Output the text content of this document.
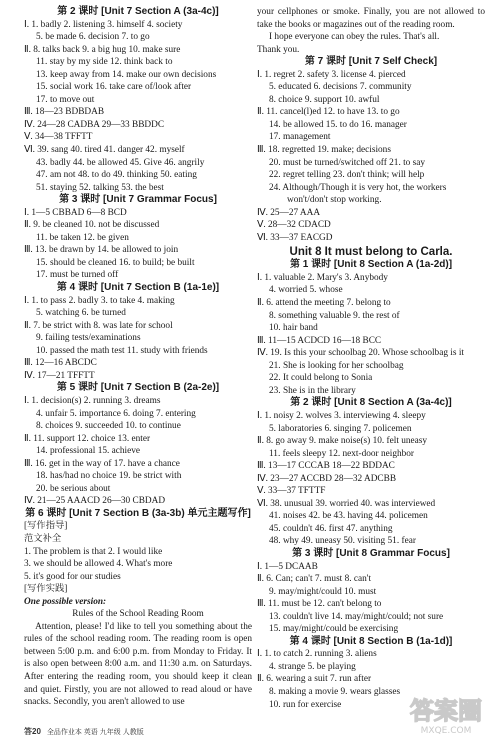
第 2 课时 [Unit 7 Section A (3a-4c)]
Ⅰ. 1. badly 2. listening 3. himself 4. society
5. be made 6. decision 7. to go
Ⅱ. 8. talks back 9. a big hug 10. make sure
11. stay by my side 12. think back to
13. keep away from 14. make our own decisions
15. social work 16. take care of/look after
17. to move out
Ⅲ. 18—23 BDBDAB
Ⅳ. 24—28 CADBA 29—33 BBDDC
Ⅴ. 34—38 TFFTT
Ⅵ. 39. sang 40. tired 41. danger 42. myself
43. badly 44. be allowed 45. Give 46. angrily
47. am not 48. to do 49. thinking 50. eating
51. staying 52. talking 53. the best
第 3 课时 [Unit 7 Grammar Focus]
Ⅰ. 1—5 CBBAD 6—8 BCD
Ⅱ. 9. be cleaned 10. not be discussed
11. be taken 12. be given
Ⅲ. 13. be drawn by 14. be allowed to join
15. should be cleaned 16. to build; be built
17. must be turned off
第 4 课时 [Unit 7 Section B (1a-1e)]
Ⅰ. 1. to pass 2. badly 3. to take 4. making
5. watching 6. be turned
Ⅱ. 7. be strict with 8. was late for school
9. failing tests/examinations
10. passed the math test 11. study with friends
Ⅲ. 12—16 ABCDC
Ⅳ. 17—21 TFFTT
第 5 课时 [Unit 7 Section B (2a-2e)]
Ⅰ. 1. decision(s) 2. running 3. dreams
4. unfair 5. importance 6. doing 7. entering
8. choices 9. succeeded 10. to continue
Ⅱ. 11. support 12. choice 13. enter
14. professional 15. achieve
Ⅲ. 16. get in the way of 17. have a chance
18. has/had no choice 19. be strict with
20. be serious about
Ⅳ. 21—25 AAACD 26—30 CBDAD
第 6 课时 [Unit 7 Section B (3a-3b) 单元主题写作]
[写作指导]
范文补全
1. The problem is that 2. I would like
3. we should be allowed 4. What's more
5. it's good for our studies
[写作实践]
One possible version:
Rules of the School Reading Room
Attention, please! I'd like to tell you something about the rules of the school reading room. The reading room is open between 5:00 p.m. and 6:00 p.m. from Monday to Friday. It is also open between 8:00 a.m. and 11:30 a.m. on Saturdays. After entering the reading room, you should keep it clean and quiet. Firstly, you are not allowed to read aloud or have snacks. Secondly, you aren't allowed to use
your cellphones or smoke. Finally, you are not allowed to take the books or magazines out of the reading room.
I hope everyone can obey the rules. That's all.
Thank you.
第 7 课时 [Unit 7 Self Check]
Ⅰ. 1. regret 2. safety 3. license 4. pierced
5. educated 6. decisions 7. community
8. choice 9. support 10. awful
Ⅱ. 11. cancel(l)ed 12. to have 13. to go
14. be allowed 15. to do 16. manager
17. management
Ⅲ. 18. regretted 19. make; decisions
20. must be turned/switched off 21. to say
22. regret telling 23. don't think; will help
24. Although/Though it is very hot, the workers
won't/don't stop working.
Ⅳ. 25—27 AAA
Ⅴ. 28—32 CDACD
Ⅵ. 33—37 EACGD
Unit 8 It must belong to Carla.
第 1 课时 [Unit 8 Section A (1a-2d)]
Ⅰ. 1. valuable 2. Mary's 3. Anybody
4. worried 5. whose
Ⅱ. 6. attend the meeting 7. belong to
8. something valuable 9. the rest of
10. hair band
Ⅲ. 11—15 ACDCD 16—18 BCC
Ⅳ. 19. Is this your schoolbag 20. Whose schoolbag is it
21. She is looking for her schoolbag
22. It could belong to Sonia
23. She is in the library
第 2 课时 [Unit 8 Section A (3a-4c)]
Ⅰ. 1. noisy 2. wolves 3. interviewing 4. sleepy
5. laboratories 6. singing 7. policemen
Ⅱ. 8. go away 9. make noise(s) 10. felt uneasy
11. feels sleepy 12. next-door neighbor
Ⅲ. 13—17 CCCAB 18—22 BDDAC
Ⅳ. 23—27 ACCBD 28—32 ADCBB
Ⅴ. 33—37 TFTTF
Ⅵ. 38. unusual 39. worried 40. was interviewed
41. noises 42. be 43. having 44. policemen
45. couldn't 46. first 47. anything
48. why 49. uneasy 50. visiting 51. fear
第 3 课时 [Unit 8 Grammar Focus]
Ⅰ. 1—5 DCAAB
Ⅱ. 6. Can; can't 7. must 8. can't
9. may/might/could 10. must
Ⅲ. 11. must be 12. can't belong to
13. couldn't live 14. may/might/could; not sure
15. may/might/could be exercising
第 4 课时 [Unit 8 Section B (1a-1d)]
Ⅰ. 1. to catch 2. running 3. aliens
4. strange 5. be playing
Ⅱ. 6. wearing a suit 7. run after
8. making a movie 9. wears glasses
10. run for exercise
答20 全品作业本 英语 九年级 人教版
答案圈
MXQE.COM
